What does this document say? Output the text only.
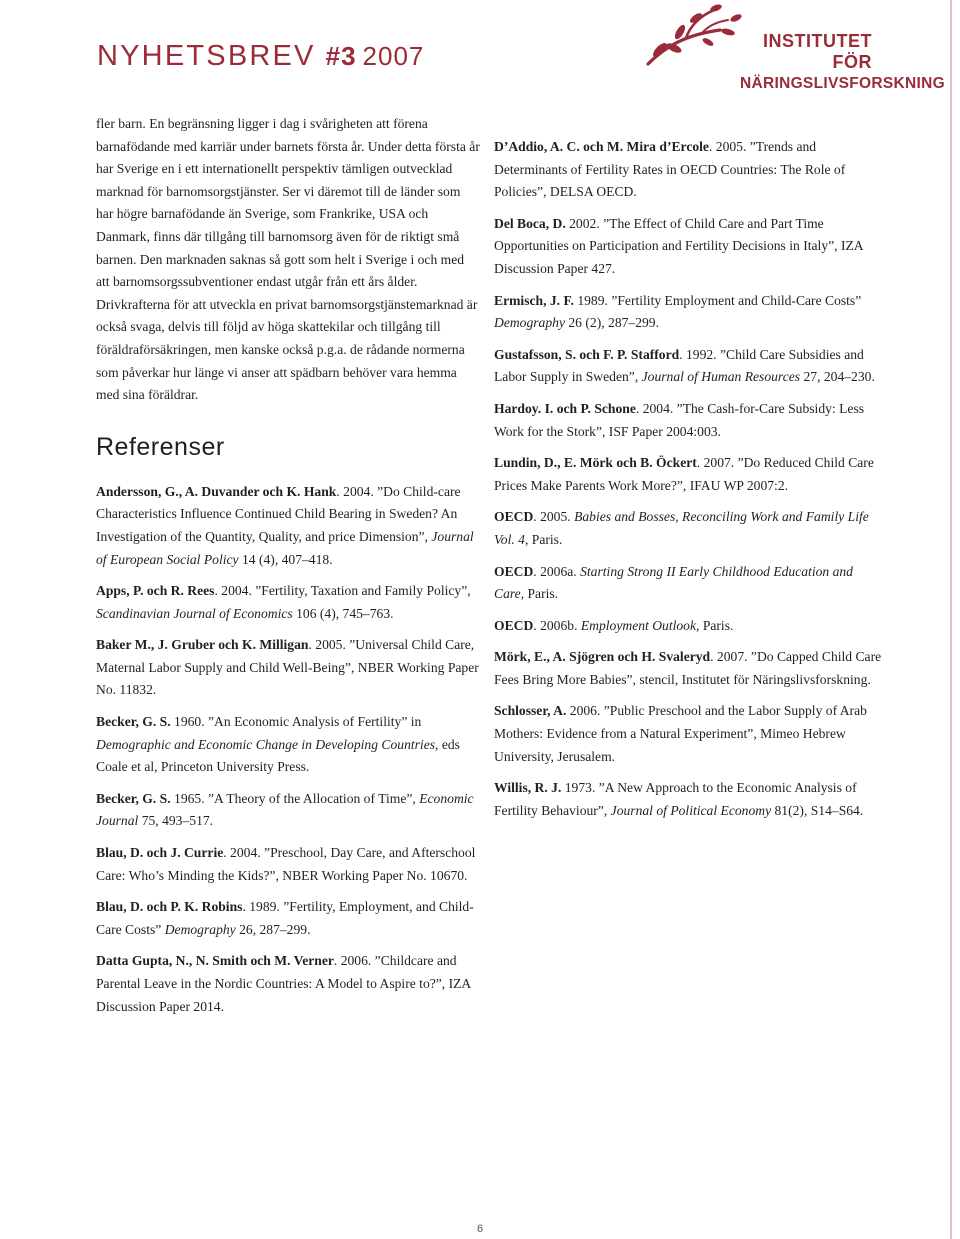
NYHETSBREV #3 2007	INSTITUTET FÖR
NÄRINGSLIVSFORSKNING

fler barn. En begränsning ligger i dag i svårigheten att förena barnafödande med karriär under barnets första år. Under detta första år har Sverige en i ett internationellt perspektiv tämligen outvecklad marknad för barnomsorgstjänster. Ser vi däremot till de länder som har högre barnafödande än Sverige, som Frankrike, USA och Danmark, finns där tillgång till barnomsorg även för de riktigt små barnen. Den marknaden saknas så gott som helt i Sverige i och med att barnomsorgssubventioner endast utgår från ett års ålder. Drivkrafterna för att utveckla en privat barnomsorgstjänstemarknad är också svaga, delvis till följd av höga skattekilar och tillgång till föräldraförsäkringen, men kanske också p.g.a. de rådande normerna som påverkar hur länge vi anser att spädbarn behöver vara hemma med sina föräldrar.

Referenser

Andersson, G., A. Duvander och K. Hank. 2004. ”Do Child-care Characteristics Influence Continued Child Bearing in Sweden? An Investigation of the Quantity, Quality, and price Dimension”, Journal of European Social Policy 14 (4), 407–418.

Apps, P. och R. Rees. 2004. ”Fertility, Taxation and Family Policy”, Scandinavian Journal of Economics 106 (4), 745–763.

Baker M., J. Gruber och K. Milligan. 2005. ”Universal Child Care, Maternal Labor Supply and Child Well-Being”, NBER Working Paper No. 11832.

Becker, G. S. 1960. ”An Economic Analysis of Fertility” in Demographic and Economic Change in Developing Countries, eds Coale et al, Princeton University Press.

Becker, G. S. 1965. ”A Theory of the Allocation of Time”, Economic Journal 75, 493–517.

Blau, D. och J. Currie. 2004. ”Preschool, Day Care, and Afterschool Care: Who’s Minding the Kids?”, NBER Working Paper No. 10670.

Blau, D. och P. K. Robins. 1989. ”Fertility, Employment, and Child-Care Costs” Demography 26, 287–299.

Datta Gupta, N., N. Smith och M. Verner. 2006. ”Childcare and Parental Leave in the Nordic Countries: A Model to Aspire to?”, IZA Discussion Paper 2014.

D’Addio, A. C. och M. Mira d’Ercole. 2005. ”Trends and Determinants of Fertility Rates in OECD Countries: The Role of Policies”, DELSA OECD.

Del Boca, D. 2002. ”The Effect of Child Care and Part Time Opportunities on Participation and Fertility Decisions in Italy”, IZA Discussion Paper 427.

Ermisch, J. F. 1989. ”Fertility Employment and Child-Care Costs” Demography 26 (2), 287–299.

Gustafsson, S. och F. P. Stafford. 1992. ”Child Care Subsidies and Labor Supply in Sweden”, Journal of Human Resources 27, 204–230.

Hardoy. I. och P. Schone. 2004. ”The Cash-for-Care Subsidy: Less Work for the Stork”, ISF Paper 2004:003.

Lundin, D., E. Mörk och B. Öckert. 2007. ”Do Reduced Child Care Prices Make Parents Work More?”, IFAU WP 2007:2.

OECD. 2005. Babies and Bosses, Reconciling Work and Family Life Vol. 4, Paris.

OECD. 2006a. Starting Strong II Early Childhood Education and Care, Paris.

OECD. 2006b. Employment Outlook, Paris.

Mörk, E., A. Sjögren och H. Svaleryd. 2007. ”Do Capped Child Care Fees Bring More Babies”, stencil, Institutet för Näringslivsforskning.

Schlosser, A. 2006. ”Public Preschool and the Labor Supply of Arab Mothers: Evidence from a Natural Experiment”, Mimeo Hebrew University, Jerusalem.

Willis, R. J. 1973. ”A New Approach to the Economic Analysis of Fertility Behaviour”, Journal of Political Economy 81(2), S14–S64.

6
